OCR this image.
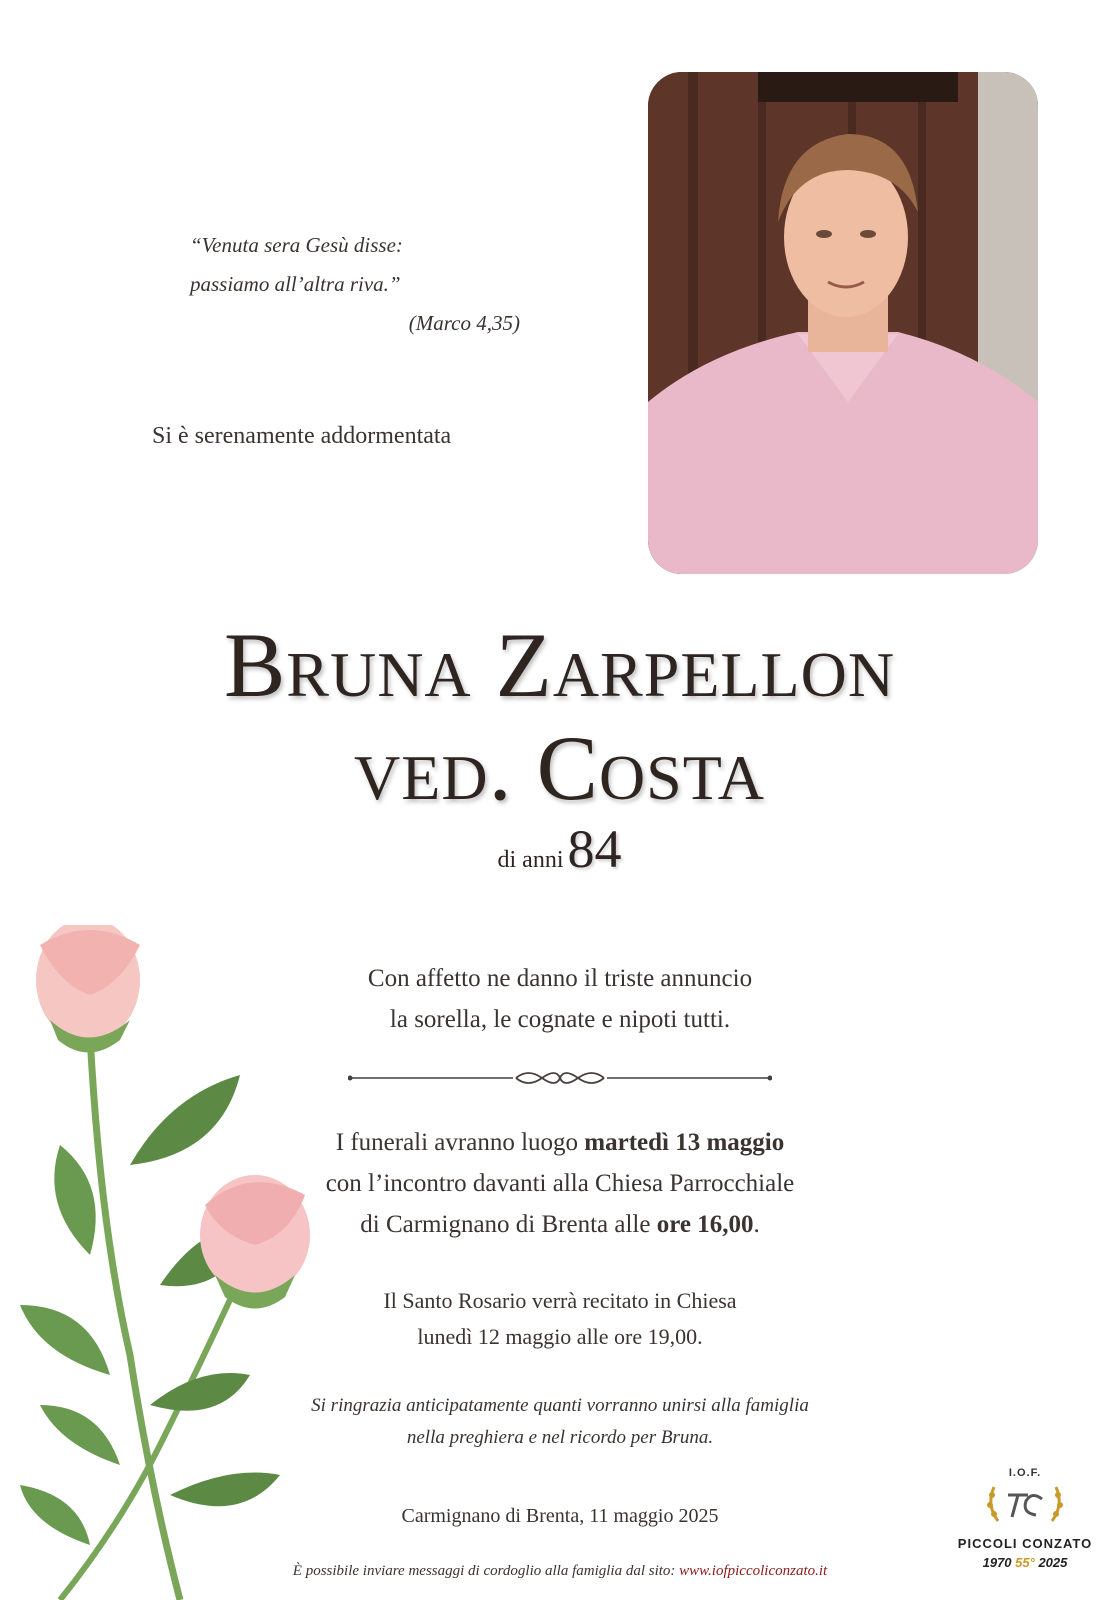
“Venuta sera Gesù disse:
passiamo all’altra riva.”

(Marco 4,35)
Si è serenamente addormentata
Bruna Zarpellon
ved. Costa
di anni 84
Con affetto ne danno il triste annuncio
la sorella, le cognate e nipoti tutti.
I funerali avranno luogo martedì 13 maggio
con l’incontro davanti alla Chiesa Parrocchiale
di Carmignano di Brenta alle ore 16,00.
Il Santo Rosario verrà recitato in Chiesa
lunedì 12 maggio alle ore 19,00.
Si ringrazia anticipatamente quanti vorranno unirsi alla famiglia
nella preghiera e nel ricordo per Bruna.
Carmignano di Brenta, 11 maggio 2025
È possibile inviare messaggi di cordoglio alla famiglia dal sito: www.iofpiccoliconzato.it
I.O.F.
PICCOLI CONZATO
1970 55° 2025
